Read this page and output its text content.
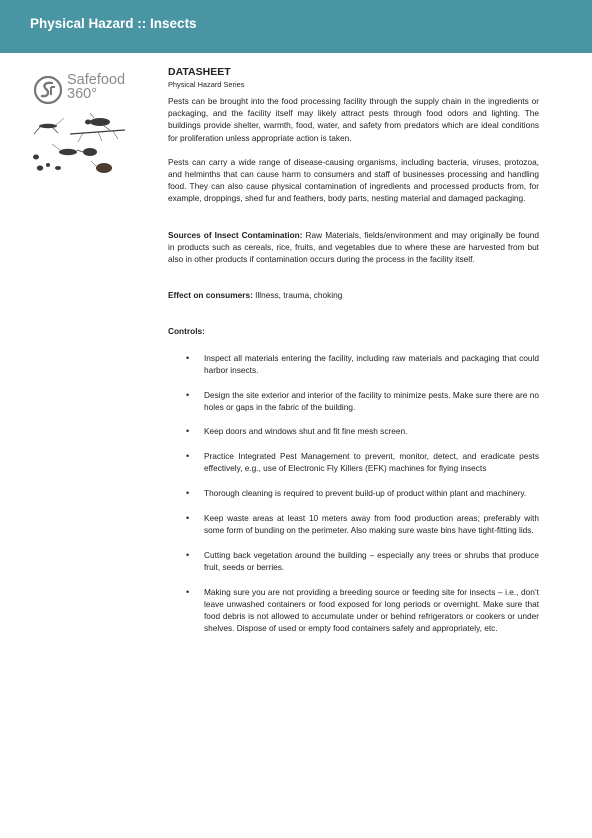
Physical Hazard :: Insects
Safefood
360°
DATASHEET
Physical Hazard Series

Pests can be brought into the food processing facility through the supply chain in the ingredients or packaging, and the facility itself may likely attract pests through food odors and lighting. The buildings provide shelter, warmth, food, water, and safety from predators which are ideal conditions for proliferation unless appropriate action is taken.

Pests can carry a wide range of disease-causing organisms, including bacteria, viruses, protozoa, and helminths that can cause harm to consumers and staff of businesses processing and handling food. They can also cause physical contamination of ingredients and processed products from, for example, droppings, shed fur and feathers, body parts, nesting material and damaged packaging.

Sources of Insect Contamination: Raw Materials, fields/environment and may originally be found in products such as cereals, rice, fruits, and vegetables due to where these are harvested from but also in other products if contamination occurs during the process in the facility itself.

Effect on consumers: Illness, trauma, choking

Controls:
• Inspect all materials entering the facility, including raw materials and packaging that could harbor insects.
• Design the site exterior and interior of the facility to minimize pests. Make sure there are no holes or gaps in the fabric of the building.
• Keep doors and windows shut and fit fine mesh screen.
• Practice Integrated Pest Management to prevent, monitor, detect, and eradicate pests effectively, e.g., use of Electronic Fly Killers (EFK) machines for flying insects
• Thorough cleaning is required to prevent build-up of product within plant and machinery.
• Keep waste areas at least 10 meters away from food production areas; preferably with some form of bunding on the perimeter. Also making sure waste bins have tight-fitting lids.
• Cutting back vegetation around the building – especially any trees or shrubs that produce fruit, seeds or berries.
• Making sure you are not providing a breeding source or feeding site for insects – i.e., don’t leave unwashed containers or food exposed for long periods or overnight. Make sure that food debris is not allowed to accumulate under or behind refrigerators or cookers or under shelves. Dispose of used or empty food containers safely and appropriately, etc.
